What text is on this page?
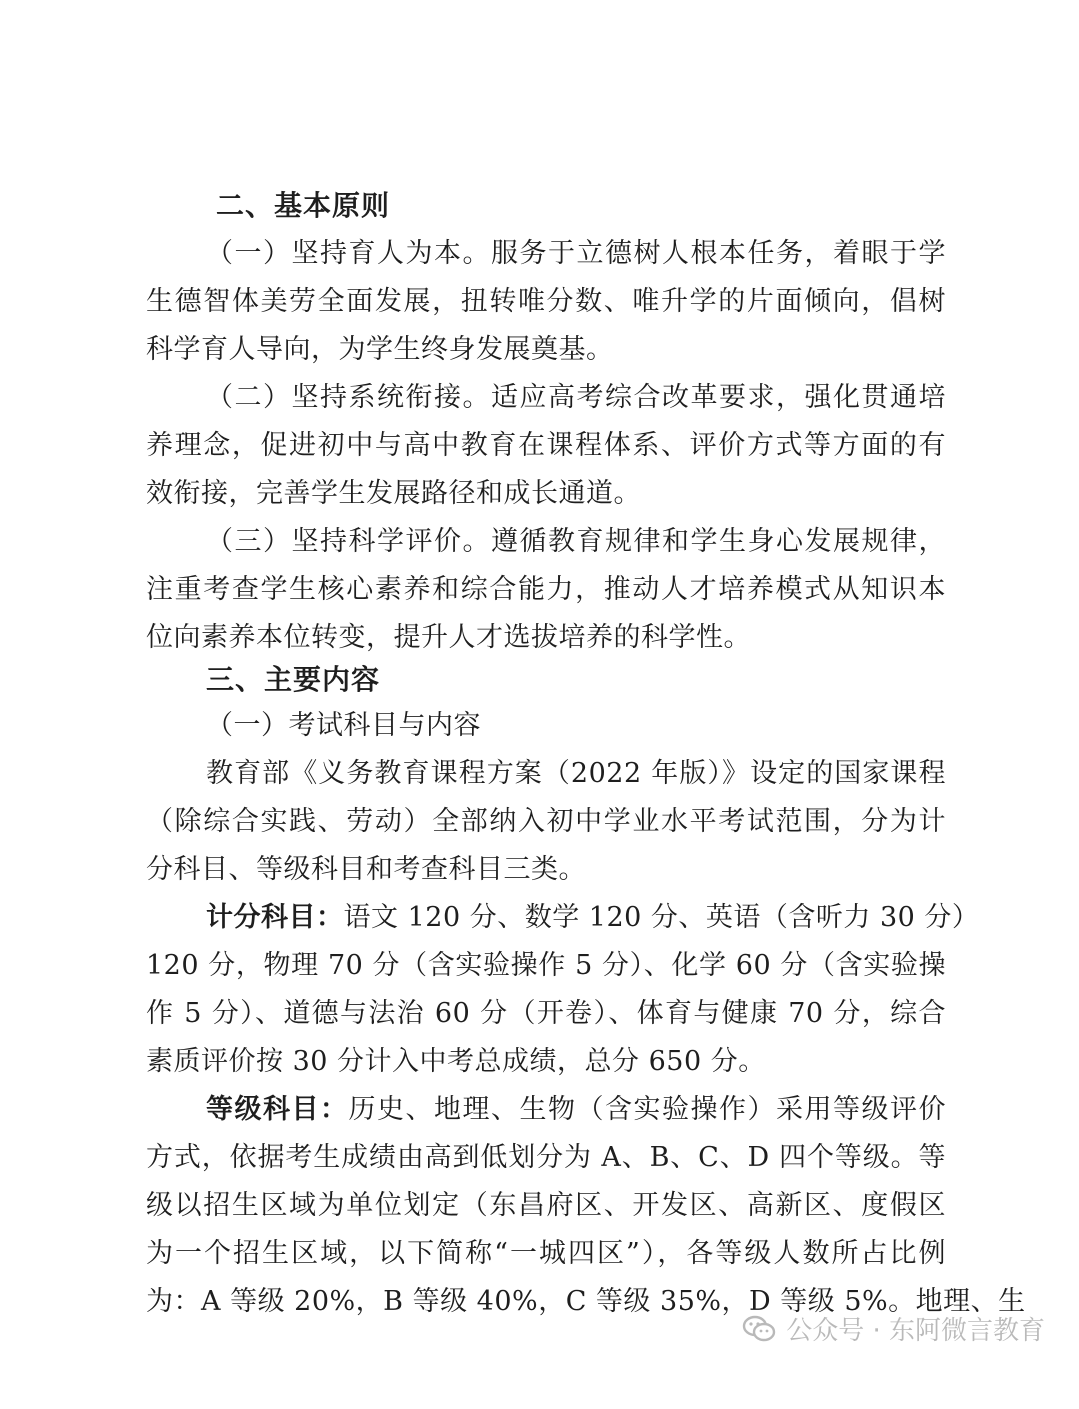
二、基本原则
（一）坚持育人为本。服务于立德树人根本任务，着眼于学
生德智体美劳全面发展，扭转唯分数、唯升学的片面倾向，倡树
科学育人导向，为学生终身发展奠基。
（二）坚持系统衔接。适应高考综合改革要求，强化贯通培
养理念，促进初中与高中教育在课程体系、评价方式等方面的有
效衔接，完善学生发展路径和成长通道。
（三）坚持科学评价。遵循教育规律和学生身心发展规律，
注重考查学生核心素养和综合能力，推动人才培养模式从知识本
位向素养本位转变，提升人才选拔培养的科学性。
三、主要内容
（一）考试科目与内容
教育部《义务教育课程方案（2022 年版）》设定的国家课程
（除综合实践、劳动）全部纳入初中学业水平考试范围，分为计
分科目、等级科目和考查科目三类。
计分科目：语文 120 分、数学 120 分、英语（含听力 30 分）
120 分，物理 70 分（含实验操作 5 分）、化学 60 分（含实验操
作 5 分）、道德与法治 60 分（开卷）、体育与健康 70 分，综合
素质评价按 30 分计入中考总成绩，总分 650 分。
等级科目：历史、地理、生物（含实验操作）采用等级评价
方式，依据考生成绩由高到低划分为 A、B、C、D 四个等级。等
级以招生区域为单位划定（东昌府区、开发区、高新区、度假区
为一个招生区域，以下简称“一城四区”），各等级人数所占比例
为：A 等级 20%，B 等级 40%，C 等级 35%，D 等级 5%。地理、生
公众号 · 东阿微言教育
